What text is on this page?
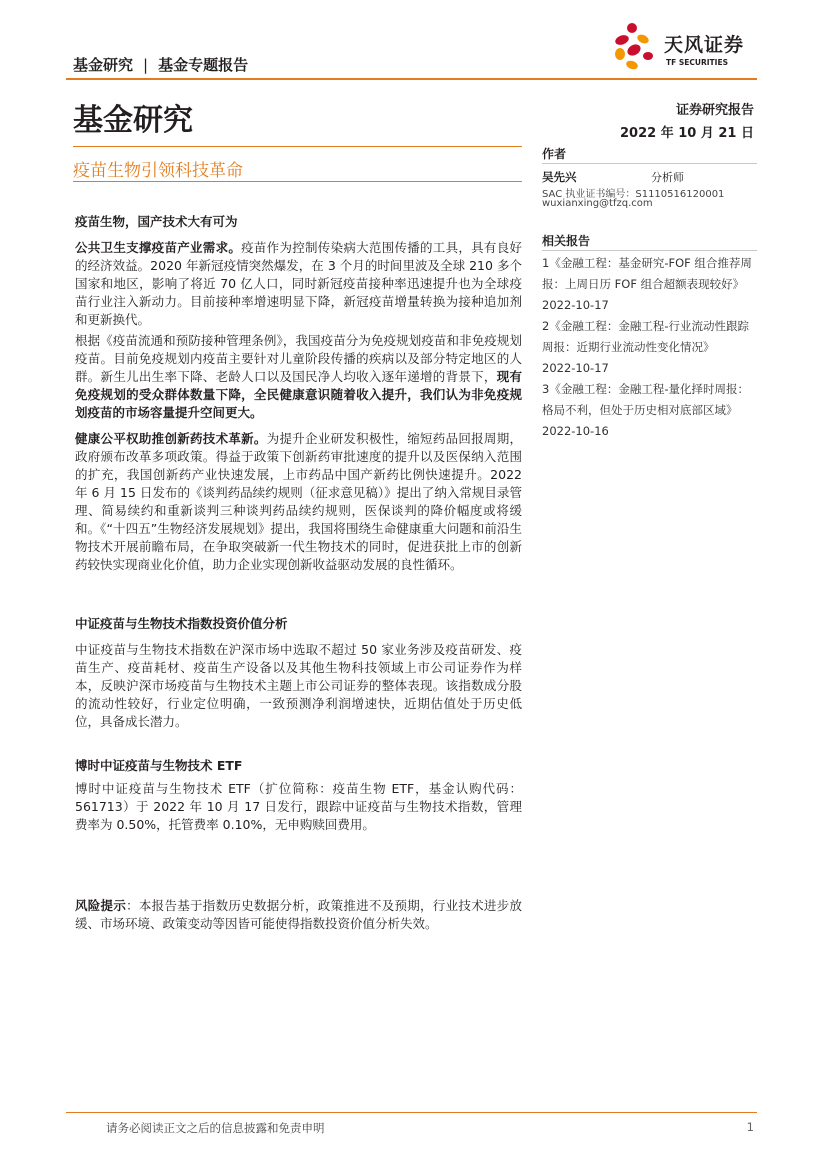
基金研究 | 基金专题报告
天风证券
TF SECURITIES
基金研究	证券研究报告
2022 年 10 月 21 日
疫苗生物引领科技革命
疫苗生物，国产技术大有可为

公共卫生支撑疫苗产业需求。疫苗作为控制传染病大范围传播的工具，具有良好的经济效益。2020 年新冠疫情突然爆发，在 3 个月的时间里波及全球 210 多个国家和地区，影响了将近 70 亿人口，同时新冠疫苗接种率迅速提升也为全球疫苗行业注入新动力。目前接种率增速明显下降，新冠疫苗增量转换为接种追加剂和更新换代。

根据《疫苗流通和预防接种管理条例》，我国疫苗分为免疫规划疫苗和非免疫规划疫苗。目前免疫规划内疫苗主要针对儿童阶段传播的疾病以及部分特定地区的人群。新生儿出生率下降、老龄人口以及国民净人均收入逐年递增的背景下，现有免疫规划的受众群体数量下降，全民健康意识随着收入提升，我们认为非免疫规划疫苗的市场容量提升空间更大。

健康公平权助推创新药技术革新。为提升企业研发积极性，缩短药品回报周期，政府颁布改革多项政策。得益于政策下创新药审批速度的提升以及医保纳入范围的扩充，我国创新药产业快速发展，上市药品中国产新药比例快速提升。2022 年 6 月 15 日发布的《谈判药品续约规则（征求意见稿）》提出了纳入常规目录管理、简易续约和重新谈判三种谈判药品续约规则，医保谈判的降价幅度或将缓和。《“十四五”生物经济发展规划》提出，我国将围绕生命健康重大问题和前沿生物技术开展前瞻布局，在争取突破新一代生物技术的同时，促进获批上市的创新药较快实现商业化价值，助力企业实现创新收益驱动发展的良性循环。

中证疫苗与生物技术指数投资价值分析

中证疫苗与生物技术指数在沪深市场中选取不超过 50 家业务涉及疫苗研发、疫苗生产、疫苗耗材、疫苗生产设备以及其他生物科技领域上市公司证券作为样本，反映沪深市场疫苗与生物技术主题上市公司证券的整体表现。该指数成分股的流动性较好，行业定位明确，一致预测净利润增速快，近期估值处于历史低位，具备成长潜力。

博时中证疫苗与生物技术 ETF

博时中证疫苗与生物技术 ETF（扩位简称：疫苗生物 ETF，基金认购代码：561713）于 2022 年 10 月 17 日发行，跟踪中证疫苗与生物技术指数，管理费率为 0.50%，托管费率 0.10%，无申购赎回费用。

风险提示：本报告基于指数历史数据分析，政策推进不及预期，行业技术进步放缓、市场环境、政策变动等因皆可能使得指数投资价值分析失效。

作者
吴先兴	分析师
SAC 执业证书编号：S1110516120001
wuxianxing@tfzq.com
相关报告
1《金融工程：基金研究-FOF 组合推荐周报：上周日历 FOF 组合超额表现较好》
2022-10-17
2《金融工程：金融工程-行业流动性跟踪周报：近期行业流动性变化情况》
2022-10-17
3《金融工程：金融工程-量化择时周报：格局不利，但处于历史相对底部区域》 2022-10-16
请务必阅读正文之后的信息披露和免责申明	1
